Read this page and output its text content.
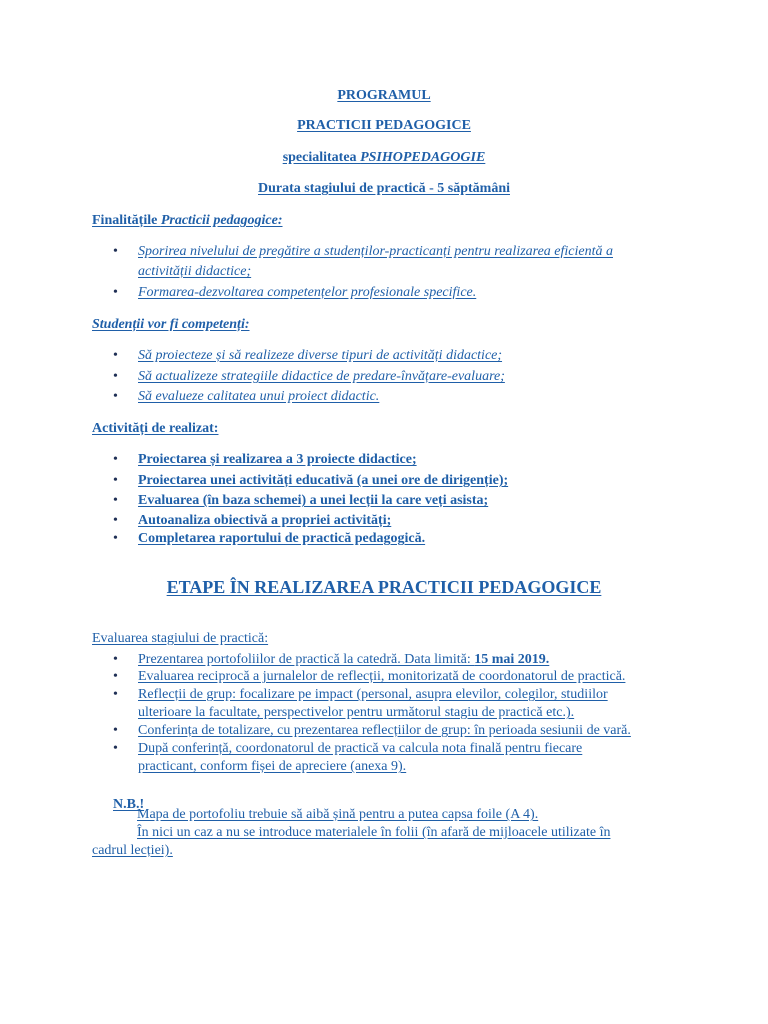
PROGRAMUL
PRACTICII PEDAGOGICE
specialitatea PSIHOPEDAGOGIE
Durata stagiului de practică - 5 săptămâni
Finalitățile Practicii pedagogice:
Sporirea nivelului de pregătire a studenților-practicanți pentru realizarea eficientă a
activității didactice;
Formarea-dezvoltarea competențelor profesionale specifice.
Studenții vor fi competenți:
Să proiecteze și să realizeze diverse tipuri de activități didactice;
Să actualizeze strategiile didactice de predare-învățare-evaluare;
Să evalueze calitatea unui proiect didactic.
Activități de realizat:
Proiectarea și realizarea a 3 proiecte didactice;
Proiectarea unei activități educativă (a unei ore de dirigenție);
Evaluarea (în baza schemei) a unei lecții la care veți asista;
Autoanaliza obiectivă a propriei activități;
Completarea raportului de practică pedagogică.
ETAPE ÎN REALIZAREA PRACTICII PEDAGOGICE
Evaluarea stagiului de practică:
Prezentarea portofoliilor de practică la catedră. Data limită: 15 mai 2019.
Evaluarea reciprocă a jurnalelor de reflecții, monitorizată de coordonatorul de practică.
Reflecții de grup: focalizare pe impact (personal, asupra elevilor, colegilor, studiilor
ulterioare la facultate, perspectivelor pentru următorul stagiu de practică etc.).
Conferința de totalizare, cu prezentarea reflecțiilor de grup: în perioada sesiunii de vară.
După conferință, coordonatorul de practică va calcula nota finală pentru fiecare
practicant, conform fișei de apreciere (anexa 9).
N.B.!
Mapa de portofoliu trebuie să aibă șină pentru a putea capsa foile (A 4).
În nici un caz a nu se introduce materialele în folii (în afară de mijloacele utilizate în
cadrul lecției).
